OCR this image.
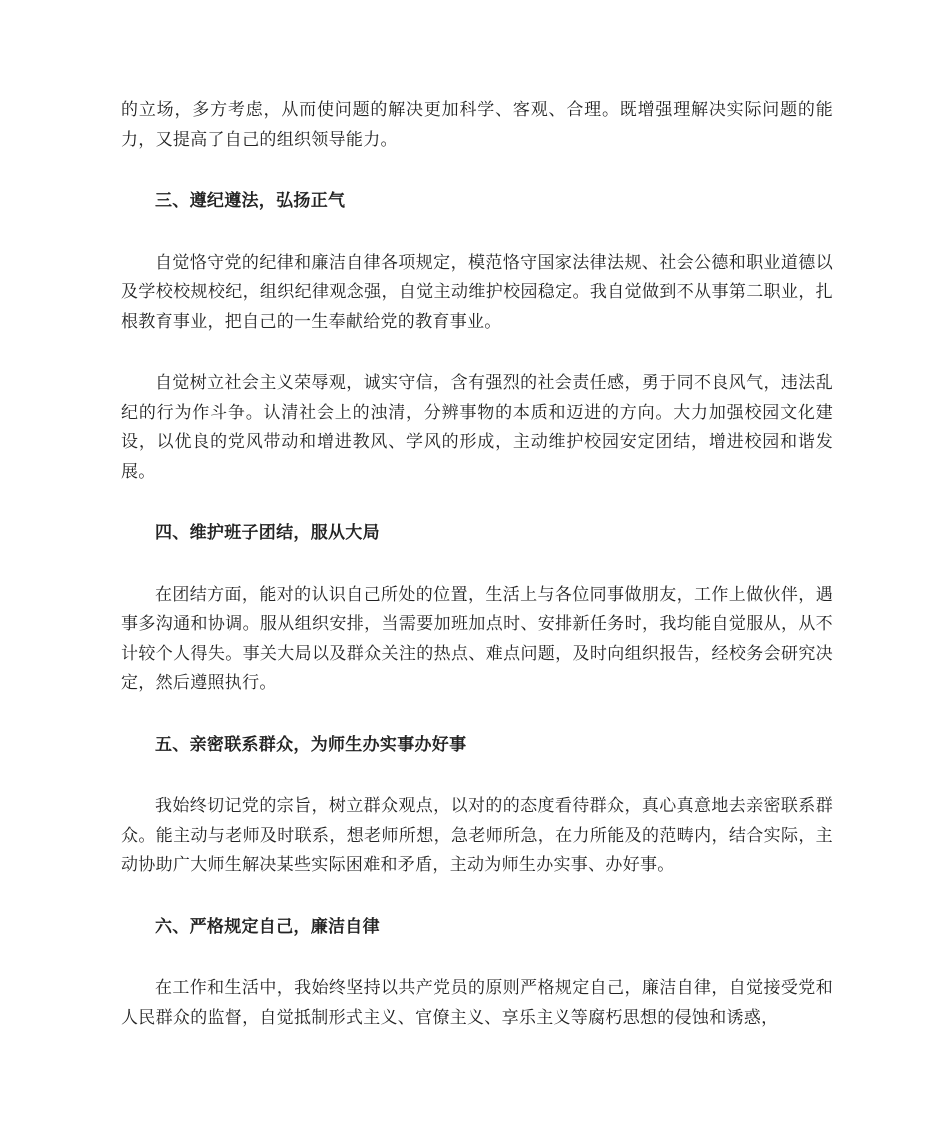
的立场，多方考虑，从而使问题的解决更加科学、客观、合理。既增强理解决实际问题的能力，又提高了自己的组织领导能力。

三、遵纪遵法，弘扬正气

自觉恪守党的纪律和廉洁自律各项规定，模范恪守国家法律法规、社会公德和职业道德以及学校校规校纪，组织纪律观念强，自觉主动维护校园稳定。我自觉做到不从事第二职业，扎根教育事业，把自己的一生奉献给党的教育事业。

自觉树立社会主义荣辱观，诚实守信，含有强烈的社会责任感，勇于同不良风气，违法乱纪的行为作斗争。认清社会上的浊清，分辨事物的本质和迈进的方向。大力加强校园文化建设，以优良的党风带动和增进教风、学风的形成，主动维护校园安定团结，增进校园和谐发展。

四、维护班子团结，服从大局

在团结方面，能对的认识自己所处的位置，生活上与各位同事做朋友，工作上做伙伴，遇事多沟通和协调。服从组织安排，当需要加班加点时、安排新任务时，我均能自觉服从，从不计较个人得失。事关大局以及群众关注的热点、难点问题，及时向组织报告，经校务会研究决定，然后遵照执行。

五、亲密联系群众，为师生办实事办好事

我始终切记党的宗旨，树立群众观点，以对的的态度看待群众，真心真意地去亲密联系群众。能主动与老师及时联系，想老师所想，急老师所急，在力所能及的范畴内，结合实际，主动协助广大师生解决某些实际困难和矛盾，主动为师生办实事、办好事。

六、严格规定自己，廉洁自律

在工作和生活中，我始终坚持以共产党员的原则严格规定自己，廉洁自律，自觉接受党和人民群众的监督，自觉抵制形式主义、官僚主义、享乐主义等腐朽思想的侵蚀和诱惑，
